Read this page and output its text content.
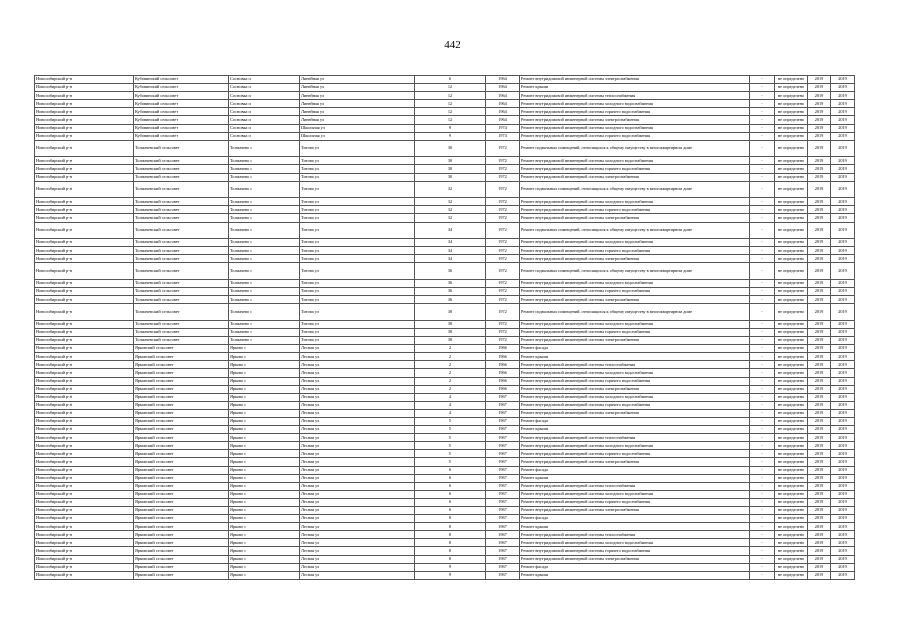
442
Новосибирский р-н	Кубовинский сельсовет	Сосновка п	Линейная ул	6	1964	Ремонт внутридомовой инженерной системы электроснабжения	-	не определено	2019	2019
Новосибирский р-н	Кубовинский сельсовет	Сосновка п	Линейная ул	12	1964	Ремонт крыши	-	не определено	2019	2019
Новосибирский р-н	Кубовинский сельсовет	Сосновка п	Линейная ул	12	1964	Ремонт внутридомовой инженерной системы теплоснабжения	-	не определено	2019	2019
Новосибирский р-н	Кубовинский сельсовет	Сосновка п	Линейная ул	12	1964	Ремонт внутридомовой инженерной системы холодного водоснабжения	-	не определено	2019	2019
Новосибирский р-н	Кубовинский сельсовет	Сосновка п	Линейная ул	12	1964	Ремонт внутридомовой инженерной системы горячего водоснабжения	-	не определено	2019	2019
Новосибирский р-н	Кубовинский сельсовет	Сосновка п	Линейная ул	12	1964	Ремонт внутридомовой инженерной системы электроснабжения	-	не определено	2019	2019
Новосибирский р-н	Кубовинский сельсовет	Сосновка п	Школьная ул	9	1974	Ремонт внутридомовой инженерной системы холодного водоснабжения	-	не определено	2019	2019
Новосибирский р-н	Кубовинский сельсовет	Сосновка п	Школьная ул	9	1974	Ремонт внутридомовой инженерной системы горячего водоснабжения	-	не определено	2019	2019
Новосибирский р-н	Толмачевский сельсовет	Толмачево с	Титова ул	30	1972	Ремонт подвальных помещений, относящихся к общему имуществу в многоквартирном доме	-	не определено	2019	2019
Новосибирский р-н	Толмачевский сельсовет	Толмачево с	Титова ул	30	1972	Ремонт внутридомовой инженерной системы холодного водоснабжения	-	не определено	2019	2019
Новосибирский р-н	Толмачевский сельсовет	Толмачево с	Титова ул	30	1972	Ремонт внутридомовой инженерной системы горячего водоснабжения	-	не определено	2019	2019
Новосибирский р-н	Толмачевский сельсовет	Толмачево с	Титова ул	30	1972	Ремонт внутридомовой инженерной системы электроснабжения	-	не определено	2019	2019
Новосибирский р-н	Толмачевский сельсовет	Толмачево с	Титова ул	32	1972	Ремонт подвальных помещений, относящихся к общему имуществу в многоквартирном доме	-	не определено	2019	2019
Новосибирский р-н	Толмачевский сельсовет	Толмачево с	Титова ул	32	1972	Ремонт внутридомовой инженерной системы холодного водоснабжения	-	не определено	2019	2019
Новосибирский р-н	Толмачевский сельсовет	Толмачево с	Титова ул	32	1972	Ремонт внутридомовой инженерной системы горячего водоснабжения	-	не определено	2019	2019
Новосибирский р-н	Толмачевский сельсовет	Толмачево с	Титова ул	32	1972	Ремонт внутридомовой инженерной системы электроснабжения	-	не определено	2019	2019
Новосибирский р-н	Толмачевский сельсовет	Толмачево с	Титова ул	34	1972	Ремонт подвальных помещений, относящихся к общему имуществу в многоквартирном доме	-	не определено	2019	2019
Новосибирский р-н	Толмачевский сельсовет	Толмачево с	Титова ул	34	1972	Ремонт внутридомовой инженерной системы холодного водоснабжения	-	не определено	2019	2019
Новосибирский р-н	Толмачевский сельсовет	Толмачево с	Титова ул	34	1972	Ремонт внутридомовой инженерной системы горячего водоснабжения	-	не определено	2019	2019
Новосибирский р-н	Толмачевский сельсовет	Толмачево с	Титова ул	34	1972	Ремонт внутридомовой инженерной системы электроснабжения	-	не определено	2019	2019
Новосибирский р-н	Толмачевский сельсовет	Толмачево с	Титова ул	36	1972	Ремонт подвальных помещений, относящихся к общему имуществу в многоквартирном доме	-	не определено	2019	2019
Новосибирский р-н	Толмачевский сельсовет	Толмачево с	Титова ул	36	1972	Ремонт внутридомовой инженерной системы холодного водоснабжения	-	не определено	2019	2019
Новосибирский р-н	Толмачевский сельсовет	Толмачево с	Титова ул	36	1972	Ремонт внутридомовой инженерной системы горячего водоснабжения	-	не определено	2019	2019
Новосибирский р-н	Толмачевский сельсовет	Толмачево с	Титова ул	36	1972	Ремонт внутридомовой инженерной системы электроснабжения	-	не определено	2019	2019
Новосибирский р-н	Толмачевский сельсовет	Толмачево с	Титова ул	38	1972	Ремонт подвальных помещений, относящихся к общему имуществу в многоквартирном доме	-	не определено	2019	2019
Новосибирский р-н	Толмачевский сельсовет	Толмачево с	Титова ул	38	1972	Ремонт внутридомовой инженерной системы холодного водоснабжения	-	не определено	2019	2019
Новосибирский р-н	Толмачевский сельсовет	Толмачево с	Титова ул	38	1972	Ремонт внутридомовой инженерной системы горячего водоснабжения	-	не определено	2019	2019
Новосибирский р-н	Толмачевский сельсовет	Толмачево с	Титова ул	38	1972	Ремонт внутридомовой инженерной системы электроснабжения	-	не определено	2019	2019
Новосибирский р-н	Ярковский сельсовет	Ярково с	Лесная ул	2	1966	Ремонт фасада	-	не определено	2019	2019
Новосибирский р-н	Ярковский сельсовет	Ярково с	Лесная ул	2	1966	Ремонт крыши	-	не определено	2019	2019
Новосибирский р-н	Ярковский сельсовет	Ярково с	Лесная ул	2	1966	Ремонт внутридомовой инженерной системы теплоснабжения	-	не определено	2019	2019
Новосибирский р-н	Ярковский сельсовет	Ярково с	Лесная ул	2	1966	Ремонт внутридомовой инженерной системы холодного водоснабжения	-	не определено	2019	2019
Новосибирский р-н	Ярковский сельсовет	Ярково с	Лесная ул	2	1966	Ремонт внутридомовой инженерной системы горячего водоснабжения	-	не определено	2019	2019
Новосибирский р-н	Ярковский сельсовет	Ярково с	Лесная ул	2	1966	Ремонт внутридомовой инженерной системы электроснабжения	-	не определено	2019	2019
Новосибирский р-н	Ярковский сельсовет	Ярково с	Лесная ул	4	1967	Ремонт внутридомовой инженерной системы холодного водоснабжения	-	не определено	2019	2019
Новосибирский р-н	Ярковский сельсовет	Ярково с	Лесная ул	4	1967	Ремонт внутридомовой инженерной системы горячего водоснабжения	-	не определено	2019	2019
Новосибирский р-н	Ярковский сельсовет	Ярково с	Лесная ул	4	1967	Ремонт внутридомовой инженерной системы электроснабжения	-	не определено	2019	2019
Новосибирский р-н	Ярковский сельсовет	Ярково с	Лесная ул	5	1967	Ремонт фасада	-	не определено	2019	2019
Новосибирский р-н	Ярковский сельсовет	Ярково с	Лесная ул	5	1967	Ремонт крыши	-	не определено	2019	2019
Новосибирский р-н	Ярковский сельсовет	Ярково с	Лесная ул	5	1967	Ремонт внутридомовой инженерной системы теплоснабжения	-	не определено	2019	2019
Новосибирский р-н	Ярковский сельсовет	Ярково с	Лесная ул	5	1967	Ремонт внутридомовой инженерной системы холодного водоснабжения	-	не определено	2019	2019
Новосибирский р-н	Ярковский сельсовет	Ярково с	Лесная ул	5	1967	Ремонт внутридомовой инженерной системы горячего водоснабжения	-	не определено	2019	2019
Новосибирский р-н	Ярковский сельсовет	Ярково с	Лесная ул	5	1967	Ремонт внутридомовой инженерной системы электроснабжения	-	не определено	2019	2019
Новосибирский р-н	Ярковский сельсовет	Ярково с	Лесная ул	6	1967	Ремонт фасада	-	не определено	2019	2019
Новосибирский р-н	Ярковский сельсовет	Ярково с	Лесная ул	6	1967	Ремонт крыши	-	не определено	2019	2019
Новосибирский р-н	Ярковский сельсовет	Ярково с	Лесная ул	6	1967	Ремонт внутридомовой инженерной системы теплоснабжения	-	не определено	2019	2019
Новосибирский р-н	Ярковский сельсовет	Ярково с	Лесная ул	6	1967	Ремонт внутридомовой инженерной системы холодного водоснабжения	-	не определено	2019	2019
Новосибирский р-н	Ярковский сельсовет	Ярково с	Лесная ул	6	1967	Ремонт внутридомовой инженерной системы горячего водоснабжения	-	не определено	2019	2019
Новосибирский р-н	Ярковский сельсовет	Ярково с	Лесная ул	6	1967	Ремонт внутридомовой инженерной системы электроснабжения	-	не определено	2019	2019
Новосибирский р-н	Ярковский сельсовет	Ярково с	Лесная ул	8	1967	Ремонт фасада	-	не определено	2019	2019
Новосибирский р-н	Ярковский сельсовет	Ярково с	Лесная ул	8	1967	Ремонт крыши	-	не определено	2019	2019
Новосибирский р-н	Ярковский сельсовет	Ярково с	Лесная ул	8	1967	Ремонт внутридомовой инженерной системы теплоснабжения	-	не определено	2019	2019
Новосибирский р-н	Ярковский сельсовет	Ярково с	Лесная ул	8	1967	Ремонт внутридомовой инженерной системы холодного водоснабжения	-	не определено	2019	2019
Новосибирский р-н	Ярковский сельсовет	Ярково с	Лесная ул	8	1967	Ремонт внутридомовой инженерной системы горячего водоснабжения	-	не определено	2019	2019
Новосибирский р-н	Ярковский сельсовет	Ярково с	Лесная ул	8	1967	Ремонт внутридомовой инженерной системы электроснабжения	-	не определено	2019	2019
Новосибирский р-н	Ярковский сельсовет	Ярково с	Лесная ул	9	1967	Ремонт фасада	-	не определено	2019	2019
Новосибирский р-н	Ярковский сельсовет	Ярково с	Лесная ул	9	1967	Ремонт крыши	-	не определено	2019	2019
